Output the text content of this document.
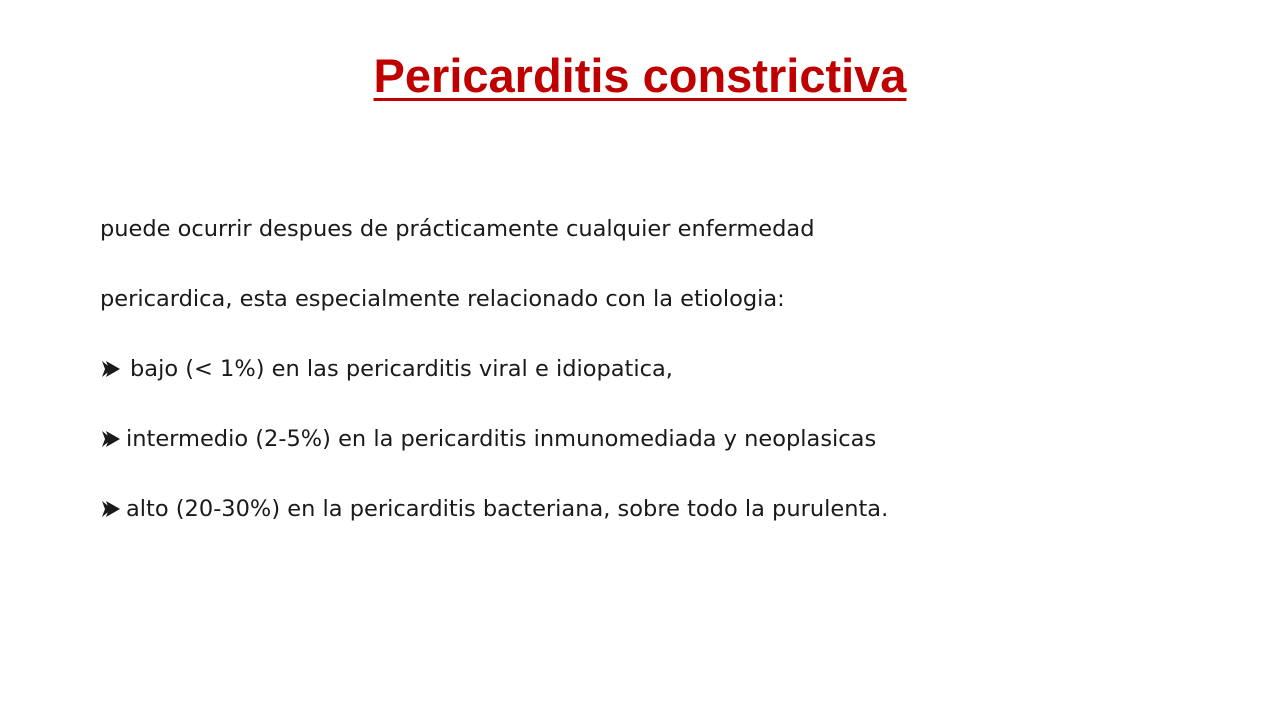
Pericarditis constrictiva

puede ocurrir despues de prácticamente cualquier enfermedad
pericardica, esta especialmente relacionado con la etiologia:

bajo (< 1%) en las pericarditis viral e idiopatica,
intermedio (2-5%) en la pericarditis inmunomediada y neoplasicas
alto (20-30%) en la pericarditis bacteriana, sobre todo la purulenta.
